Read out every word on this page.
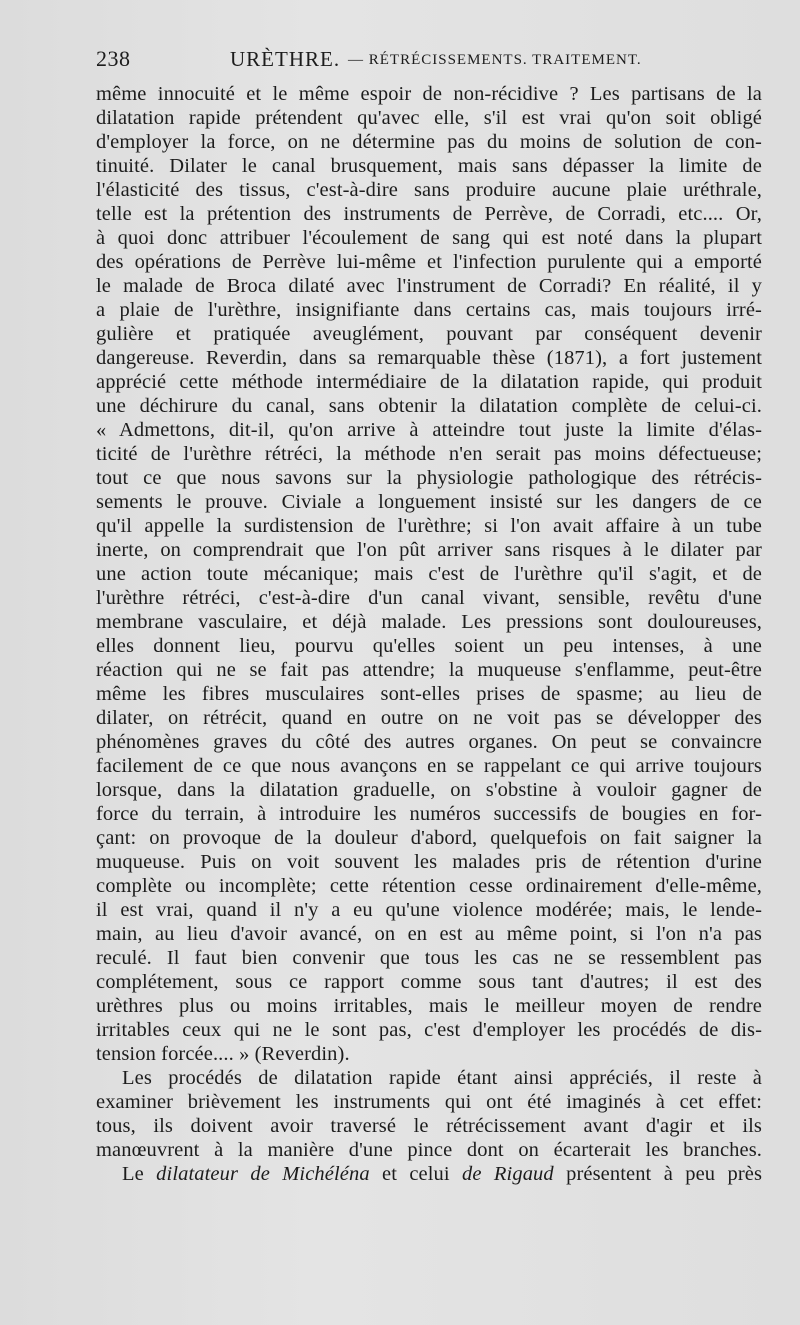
238	URÈTHRE. — RÉTRÉCISSEMENTS. TRAITEMENT.
même innocuité et le même espoir de non-récidive ? Les partisans de la
dilatation rapide prétendent qu'avec elle, s'il est vrai qu'on soit obligé
d'employer la force, on ne détermine pas du moins de solution de con-
tinuité. Dilater le canal brusquement, mais sans dépasser la limite de
l'élasticité des tissus, c'est-à-dire sans produire aucune plaie uréthrale,
telle est la prétention des instruments de Perrève, de Corradi, etc.... Or,
à quoi donc attribuer l'écoulement de sang qui est noté dans la plupart
des opérations de Perrève lui-même et l'infection purulente qui a emporté
le malade de Broca dilaté avec l'instrument de Corradi? En réalité, il y
a plaie de l'urèthre, insignifiante dans certains cas, mais toujours irré-
gulière et pratiquée aveuglément, pouvant par conséquent devenir
dangereuse. Reverdin, dans sa remarquable thèse (1871), a fort justement
apprécié cette méthode intermédiaire de la dilatation rapide, qui produit
une déchirure du canal, sans obtenir la dilatation complète de celui-ci.
« Admettons, dit-il, qu'on arrive à atteindre tout juste la limite d'élas-
ticité de l'urèthre rétréci, la méthode n'en serait pas moins défectueuse;
tout ce que nous savons sur la physiologie pathologique des rétrécis-
sements le prouve. Civiale a longuement insisté sur les dangers de ce
qu'il appelle la surdistension de l'urèthre; si l'on avait affaire à un tube
inerte, on comprendrait que l'on pût arriver sans risques à le dilater par
une action toute mécanique; mais c'est de l'urèthre qu'il s'agit, et de
l'urèthre rétréci, c'est-à-dire d'un canal vivant, sensible, revêtu d'une
membrane vasculaire, et déjà malade. Les pressions sont douloureuses,
elles donnent lieu, pourvu qu'elles soient un peu intenses, à une
réaction qui ne se fait pas attendre; la muqueuse s'enflamme, peut-être
même les fibres musculaires sont-elles prises de spasme; au lieu de
dilater, on rétrécit, quand en outre on ne voit pas se développer des
phénomènes graves du côté des autres organes. On peut se convaincre
facilement de ce que nous avançons en se rappelant ce qui arrive toujours
lorsque, dans la dilatation graduelle, on s'obstine à vouloir gagner de
force du terrain, à introduire les numéros successifs de bougies en for-
çant: on provoque de la douleur d'abord, quelquefois on fait saigner la
muqueuse. Puis on voit souvent les malades pris de rétention d'urine
complète ou incomplète; cette rétention cesse ordinairement d'elle-même,
il est vrai, quand il n'y a eu qu'une violence modérée; mais, le lende-
main, au lieu d'avoir avancé, on en est au même point, si l'on n'a pas
reculé. Il faut bien convenir que tous les cas ne se ressemblent pas
complétement, sous ce rapport comme sous tant d'autres; il est des
urèthres plus ou moins irritables, mais le meilleur moyen de rendre
irritables ceux qui ne le sont pas, c'est d'employer les procédés de dis-
tension forcée.... » (Reverdin).
Les procédés de dilatation rapide étant ainsi appréciés, il reste à
examiner brièvement les instruments qui ont été imaginés à cet effet:
tous, ils doivent avoir traversé le rétrécissement avant d'agir et ils
manœuvrent à la manière d'une pince dont on écarterait les branches.
Le dilatateur de Michéléna et celui de Rigaud présentent à peu près
